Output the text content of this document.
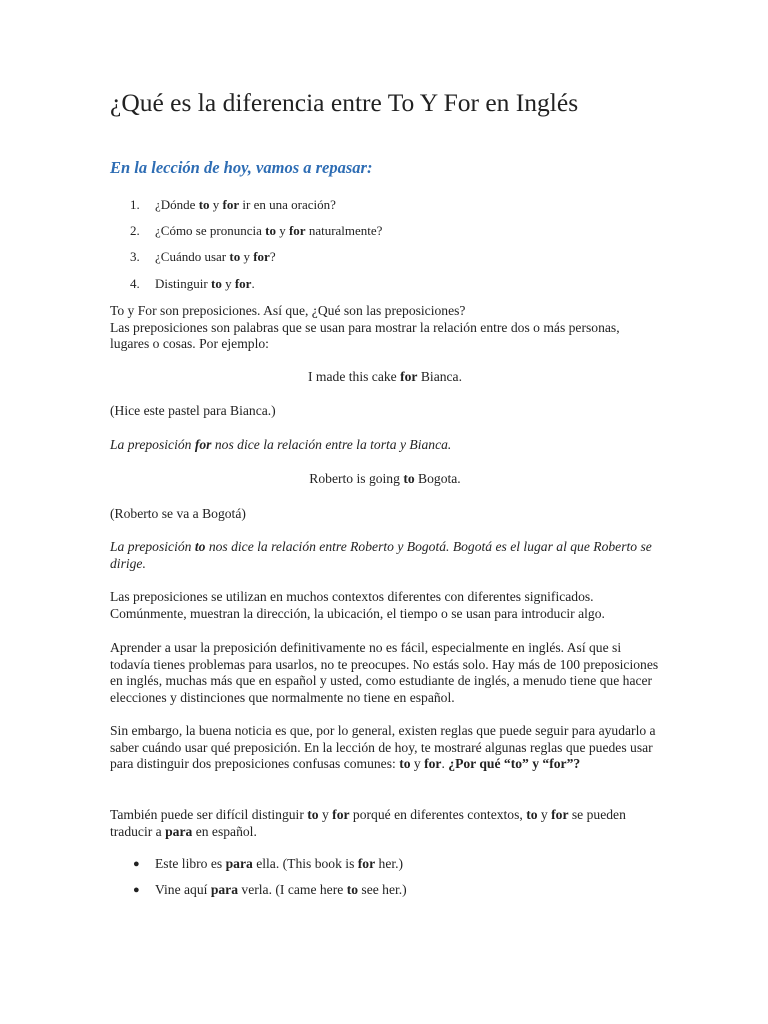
¿Qué es la diferencia entre To Y For en Inglés
En la lección de hoy, vamos a repasar:
1. ¿Dónde to y for ir en una oración?
2. ¿Cómo se pronuncia to y for naturalmente?
3. ¿Cuándo usar to y for?
4. Distinguir to y for.

To y For son preposiciones. Así que, ¿Qué son las preposiciones?
Las preposiciones son palabras que se usan para mostrar la relación entre dos o más personas, lugares o cosas. Por ejemplo:

I made this cake for Bianca.

(Hice este pastel para Bianca.)

La preposición for nos dice la relación entre la torta y Bianca.

Roberto is going to Bogota.

(Roberto se va a Bogotá)

La preposición to nos dice la relación entre Roberto y Bogotá. Bogotá es el lugar al que Roberto se dirige.

Las preposiciones se utilizan en muchos contextos diferentes con diferentes significados. Comúnmente, muestran la dirección, la ubicación, el tiempo o se usan para introducir algo.

Aprender a usar la preposición definitivamente no es fácil, especialmente en inglés. Así que si todavía tienes problemas para usarlos, no te preocupes. No estás solo. Hay más de 100 preposiciones en inglés, muchas más que en español y usted, como estudiante de inglés, a menudo tiene que hacer elecciones y distinciones que normalmente no tiene en español.

Sin embargo, la buena noticia es que, por lo general, existen reglas que puede seguir para ayudarlo a saber cuándo usar qué preposición. En la lección de hoy, te mostraré algunas reglas que puedes usar para distinguir dos preposiciones confusas comunes: to y for. ¿Por qué “to” y “for”?

También puede ser difícil distinguir to y for porqué en diferentes contextos, to y for se pueden traducir a para en español.

● Este libro es para ella. (This book is for her.)
● Vine aquí para verla. (I came here to see her.)
